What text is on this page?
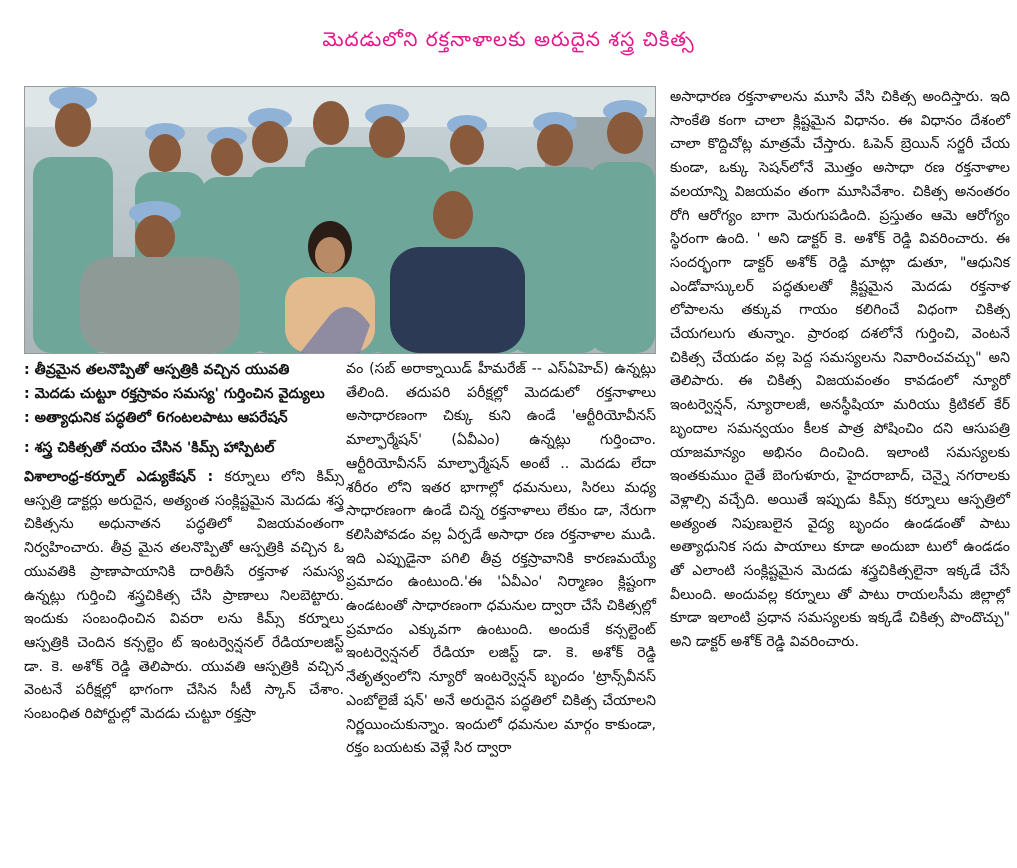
మెదడులోని రక్తనాళాలకు అరుదైన శస్త్ర చికిత్స
: తీవ్రమైన తలనొప్పితో ఆస్పత్రికి వచ్చిన యువతి
: మెదడు చుట్టూ రక్తస్రావం సమస్య' గుర్తించిన వైద్యులు
: అత్యాధునిక పద్ధతిలో 6గంటలపాటు ఆపరేషన్
: శస్త్ర చికిత్సతో నయం చేసిన 'కిమ్స్ హాస్పిటల్

విశాలాంధ్ర-కర్నూల్ ఎడ్యుకేషన్ : కర్నూలు లోని కిమ్స్ ఆస్పత్రి డాక్టర్లు అరుదైన, అత్యంత సంక్లిష్టమైన మెదడు శస్త్ర చికిత్సను అధునాతన పద్ధతిలో విజయవంతంగా నిర్వహించారు. తీవ్ర మైన తలనొప్పితో ఆస్పత్రికి వచ్చిన ఓ యువతికి ప్రాణాపాయానికి దారితీసే రక్తనాళ సమస్య ఉన్నట్లు గుర్తించి శస్త్రచికిత్స చేసి ప్రాణాలు నిలబెట్టారు. ఇందుకు సంబంధించిన వివరా లను కిమ్స్ కర్నూలు ఆస్పత్రికి చెందిన కన్సల్టెం ట్ ఇంటర్వెన్షనల్ రేడియాలజిస్ట్ డా. కె. అశోక్ రెడ్డి తెలిపారు. యువతి ఆస్పత్రికి వచ్చిన వెంటనే పరీక్షల్లో భాగంగా చేసిన సీటీ స్కాన్ చేశాం. సంబంధిత రిపోర్టుల్లో మెదడు చుట్టూ రక్తస్రా

వం (సబ్ అరాక్నాయిడ్ హీమరేజ్ -- ఎస్ఏహెచ్) ఉన్నట్లు తేలింది. తదుపరి పరీక్షల్లో మెదడులో రక్తనాళాలు అసాధారణంగా చిక్కు కుని ఉండే 'ఆర్టీరియోవీనస్ మాల్ఫార్మేషన్' (ఏవీఎం) ఉన్నట్లు గుర్తించాం. ఆర్టీరియోవీనస్ మాల్ఫార్మేషన్ అంటే .. మెదడు లేదా శరీరం లోని ఇతర భాగాల్లో ధమనులు, సిరలు మధ్య సాధారణంగా ఉండే చిన్న రక్తనాళాలు లేకుం డా, నేరుగా కలిసిపోవడం వల్ల ఏర్పడే అసాధా రణ రక్తనాళాల ముడి. ఇది ఎప్పుడైనా పగిలి తీవ్ర రక్తస్రావానికి కారణమయ్యే ప్రమాదం ఉంటుంది.'ఈ 'ఏవీఎం' నిర్మాణం క్లిష్టంగా ఉండటంతో సాధారణంగా ధమనుల ద్వారా చేసే చికిత్సల్లో ప్రమాదం ఎక్కువగా ఉంటుంది. అందుకే కన్సల్టెంట్ ఇంటర్వెన్షనల్ రేడియా లజిస్ట్ డా. కె. అశోక్ రెడ్డి నేతృత్వంలోని న్యూరో ఇంటర్వెన్షన్ బృందం 'ట్రాన్స్‌వీనస్ ఎంబోలైజే షన్' అనే అరుదైన పద్ధతిలో చికిత్స చేయాలని నిర్ణయించుకున్నాం. ఇందులో ధమనుల మార్గం కాకుండా, రక్తం బయటకు వెళ్లే సిర ద్వారా

అసాధారణ రక్తనాళాలను మూసి వేసి చికిత్స అందిస్తారు. ఇది సాంకేతి కంగా చాలా క్లిష్టమైన విధానం. ఈ విధానం దేశంలో చాలా కొద్దిచోట్ల మాత్రమే చేస్తారు. ఓపెన్ బ్రెయిన్ సర్జరీ చేయ కుండా, ఒక్కు సెషన్‌లోనే మొత్తం అసాధా రణ రక్తనాళాల వలయాన్ని విజయవం తంగా మూసివేశాం. చికిత్స అనంతరం రోగి ఆరోగ్యం బాగా మెరుగుపడింది. ప్రస్తుతం ఆమె ఆరోగ్యం స్థిరంగా ఉంది. ' అని డాక్టర్ కె. అశోక్ రెడ్డి వివరించారు. ఈ సందర్భంగా డాక్టర్ అశోక్ రెడ్డి మాట్లా డుతూ, "ఆధునిక ఎండోవాస్కులర్ పద్ధతులతో క్లిష్టమైన మెదడు రక్తనాళ లోపాలను తక్కువ గాయం కలిగించే విధంగా చికిత్స చేయగలుగు తున్నాం. ప్రారంభ దశలోనే గుర్తించి, వెంటనే చికిత్స చేయడం వల్ల పెద్ద సమస్యలను నివారించవచ్చు" అని తెలిపారు. ఈ చికిత్స విజయవంతం కావడంలో న్యూరో ఇంటర్వెన్షన్, న్యూరాలజీ, అనస్థీషియా మరియు క్రిటికల్ కేర్ బృందాల సమన్వయం కీలక పాత్ర పోషించిం దని ఆసుపత్రి యాజమాన్యం అభినం దించింది. ఇలాంటి సమస్యలకు ఇంతకుముం దైతే బెంగుళూరు, హైదరాబాద్, చెన్నై నగరాలకు వెళ్లాల్సి వచ్చేది. అయితే ఇప్పుడు కిమ్స్ కర్నూలు ఆస్పత్రిలో అత్యంత నిపుణులైన వైద్య బృందం ఉండడంతో పాటు అత్యాధునిక సదు పాయాలు కూడా అందుబా టులో ఉండడం తో ఎలాంటి సంక్లిష్టమైన మెదడు శస్త్రచికిత్సలైనా ఇక్కడే చేసే వీలుంది. అందువల్ల కర్నూలు తో పాటు రాయలసీమ జిల్లాల్లో కూడా ఇలాంటి ప్రధాన సమస్యలకు ఇక్కడే చికిత్స పొందొచ్చు" అని డాక్టర్ అశోక్ రెడ్డి వివరించారు.
